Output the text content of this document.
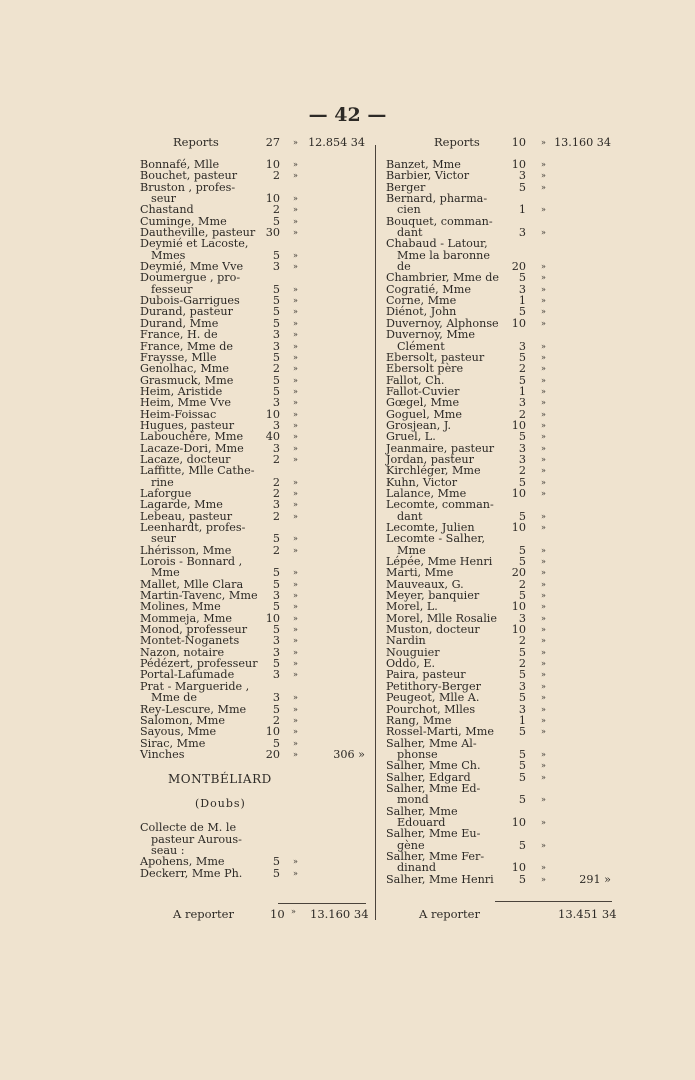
— 42 —
Reports	27 » 12.854 34
Bonnafé, Mlle	10 »
Bouchet, pasteur	2 »
Bruston , profes-
seur	10 »
Chastand	2 »
Cuminge, Mme	5 »
Dautheville, pasteur 30 »
Deymié et Lacoste,
Mmes	5 »
Deymié, Mme Vve	3 »
Doumergue , pro-
fesseur	5 »
Dubois-Garrigues	5 »
Durand, pasteur	5 »
Durand, Mme	5 »
France, H. de	3 »
France, Mme de	3 »
Fraysse, Mlle	5 »
Genolhac, Mme	2 »
Grasmuck, Mme	5 »
Heim, Aristide	5 »
Heim, Mme Vve	3 »
Heim-Foissac	10 »
Hugues, pasteur	3 »
Labouchère, Mme	40 »
Lacaze-Dori, Mme	3 »
Lacaze, docteur	2 »
Laffitte, Mlle Cathe-
rine	2 »
Laforgue	2 »
Lagarde, Mme	3 »
Lebeau, pasteur	2 »
Leenhardt, profes-
seur	5 »
Lhérisson, Mme	2 »
Lorois - Bonnard ,
Mme	5 »
Mallet, Mlle Clara	5 »
Martin-Tavenc, Mme	3 »
Molines, Mme	5 »
Mommeja, Mme	10 »
Monod, professeur	5 »
Montet-Noganets	3 »
Nazon, notaire	3 »
Pédézert, professeur	5 »
Portal-Lafumade	3 »
Prat - Margueride ,
Mme de	3 »
Rey-Lescure, Mme	5 »
Salomon, Mme	2 »
Sayous, Mme	10 »
Sirac, Mme	5 »
Vinches	20 »	306 »
MONTBÉLIARD
(Doubs)
Collecte de M. le
pasteur Aurous-
seau :
Apohens, Mme	5 »
Deckerr, Mme Ph.	5 »
Reports	10 » 13.160 34
Banzet, Mme	10 »
Barbier, Victor	3 »
Berger	5 »
Bernard, pharma-
cien	1 »
Bouquet, comman-
dant	3 »
Chabaud - Latour,
Mme la baronne
de	20 »
Chambrier, Mme de	5 »
Cogratié, Mme	3 »
Corne, Mme	1 »
Diénot, John	5 »
Duvernoy, Alphonse	10 »
Duvernoy, Mme
Clément	3 »
Ebersolt, pasteur	5 »
Ebersolt père	2 »
Fallot, Ch.	5 »
Fallot-Cuvier	1 »
Gœgel, Mme	3 »
Goguel, Mme	2 »
Grosjean, J.	10 »
Gruel, L.	5 »
Jeanmaire, pasteur	3 »
Jordan, pasteur	3 »
Kirchléger, Mme	2 »
Kuhn, Victor	5 »
Lalance, Mme	10 »
Lecomte, comman-
dant	5 »
Lecomte, Julien	10 »
Lecomte - Salher,
Mme	5 »
Lépée, Mme Henri	5 »
Marti, Mme	20 »
Mauveaux, G.	2 »
Meyer, banquier	5 »
Morel, L.	10 »
Morel, Mlle Rosalie	3 »
Muston, docteur	10 »
Nardin	2 »
Nouguier	5 »
Oddo, E.	2 »
Paira, pasteur	5 »
Petithory-Berger	3 »
Peugeot, Mlle A.	5 »
Pourchot, Mlles	3 »
Rang, Mme	1 »
Rossel-Marti, Mme	5 »
Salher, Mme Al-
phonse	5 »
Salher, Mme Ch.	5 »
Salher, Edgard	5 »
Salher, Mme Ed-
mond	5 »
Salher, Mme
Edouard	10 »
Salher, Mme Eu-
gène	5 »
Salher, Mme Fer-
dinand	10 »
Salher, Mme Henri	5 »	291 »
A reporter	10 » 13.160 34	A reporter	13.451 34
